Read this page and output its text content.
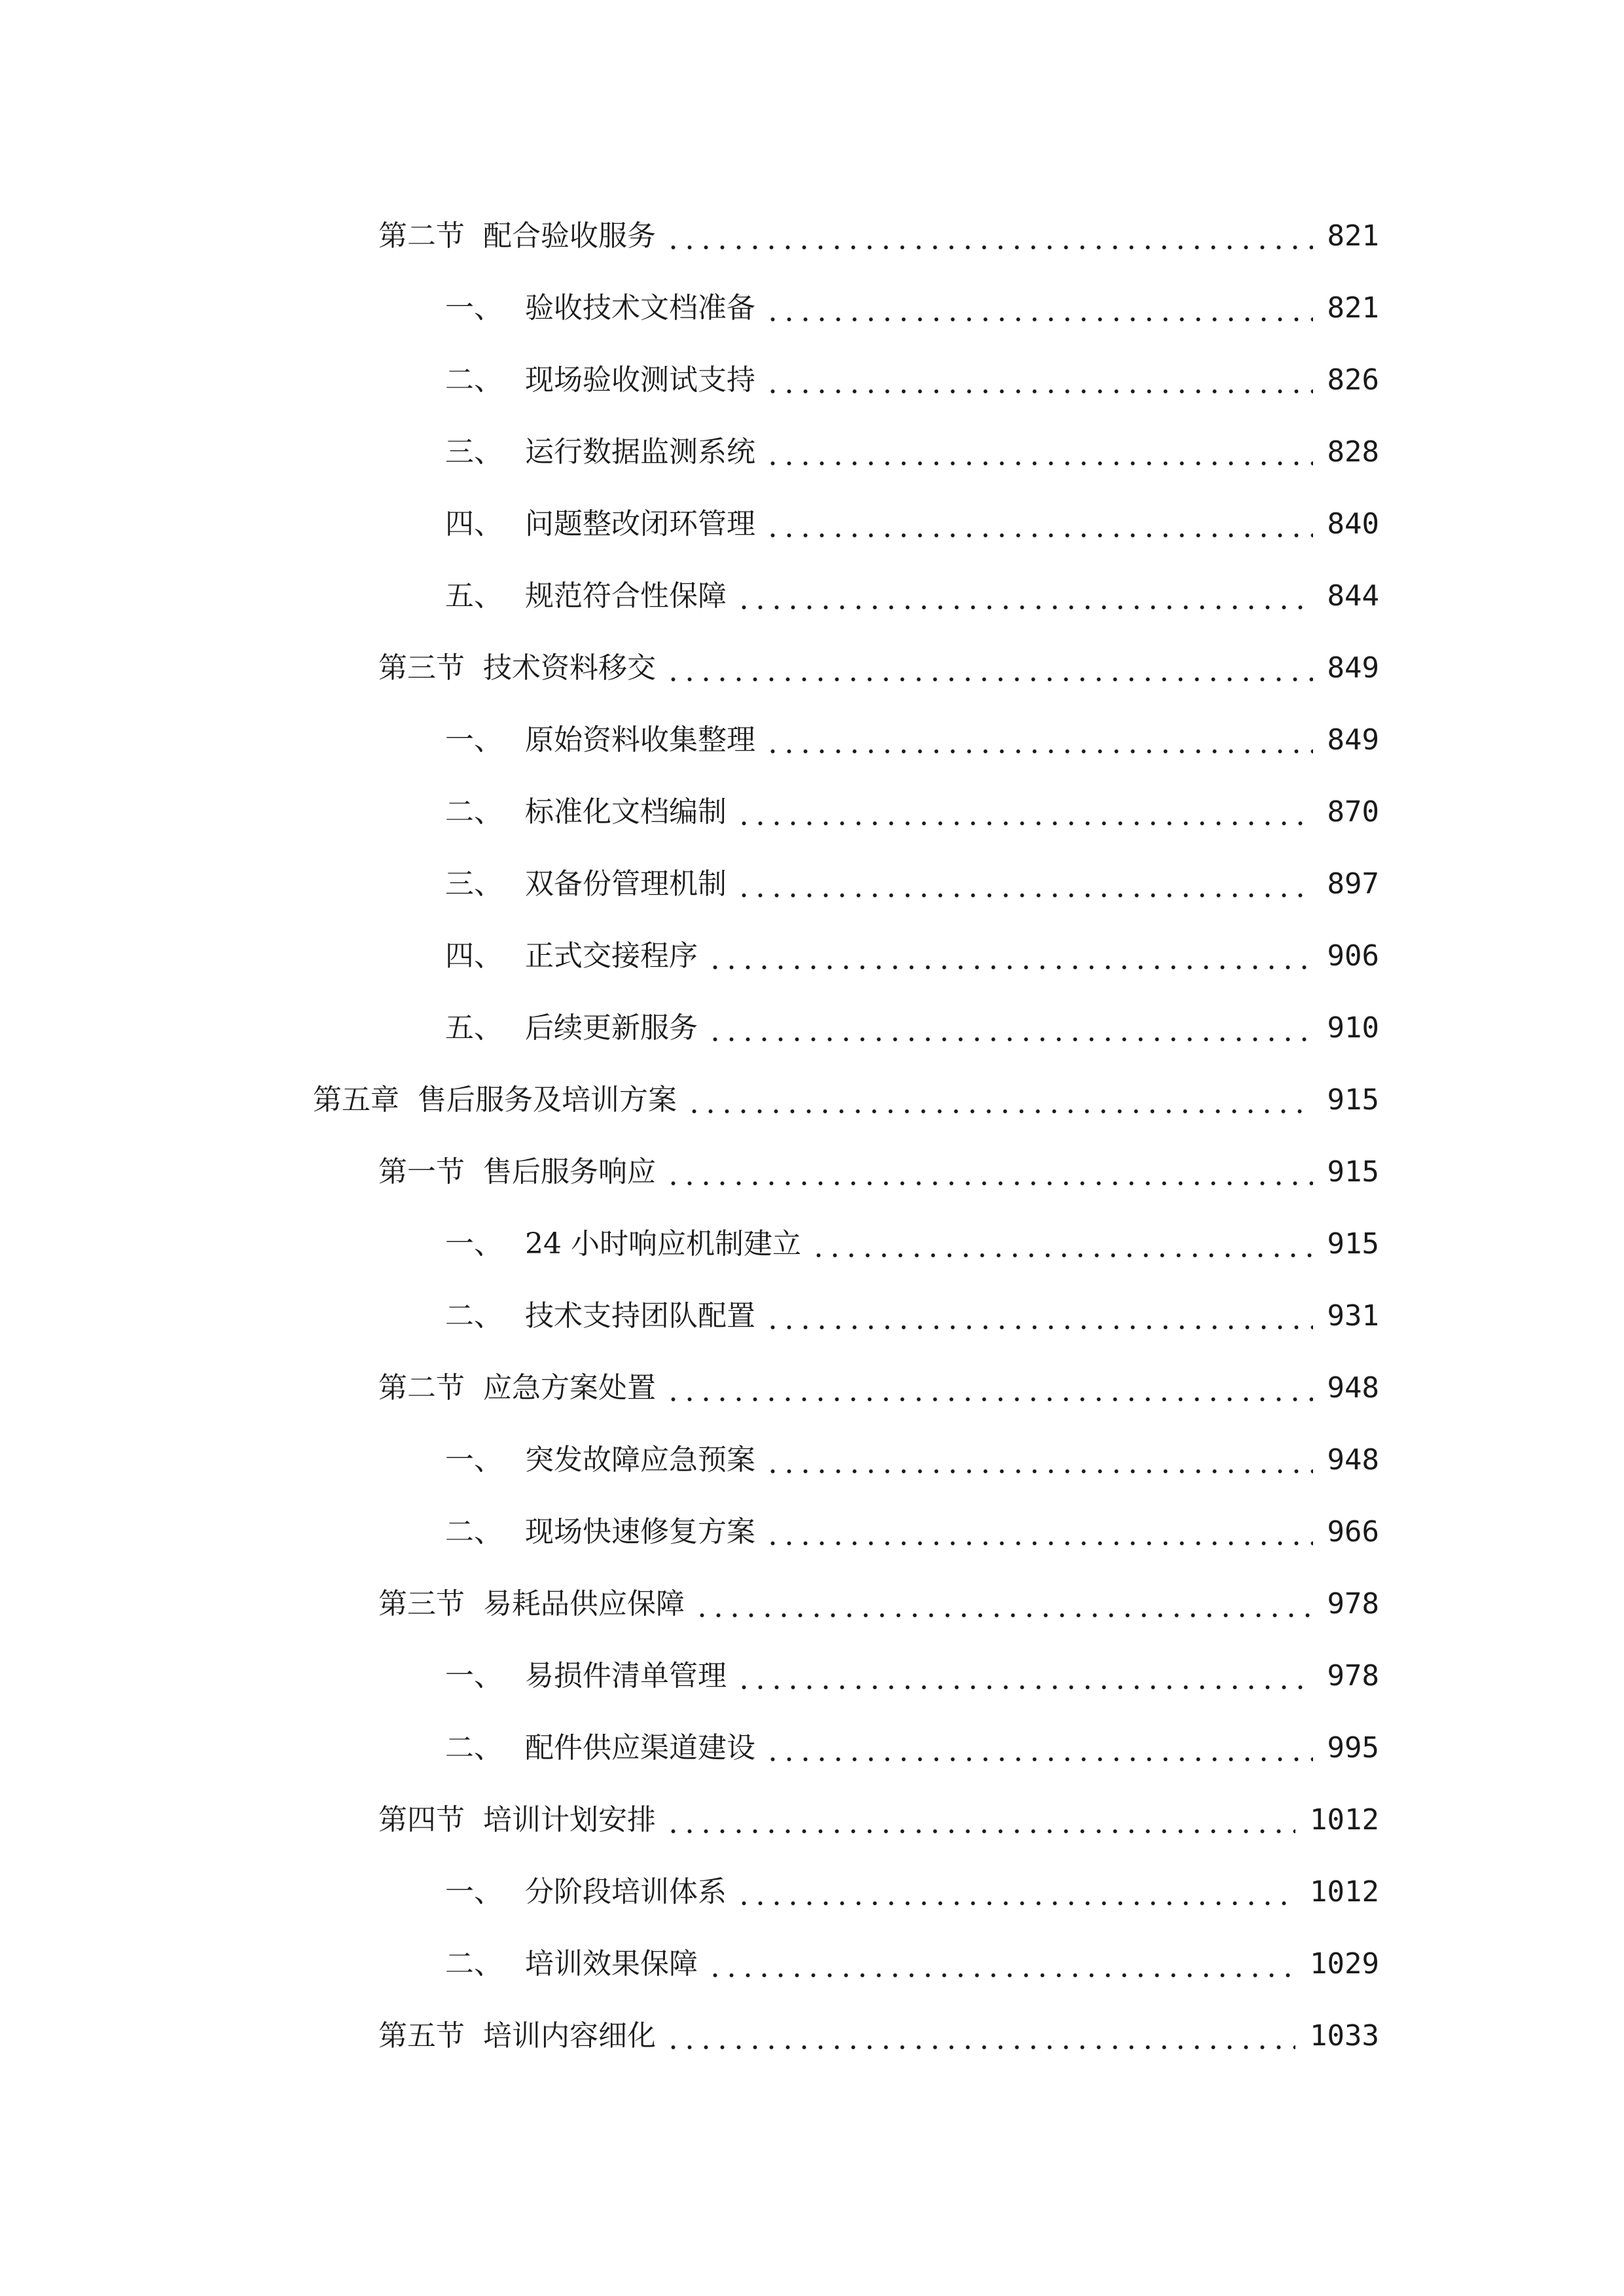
第二节 配合验收服务	821
一、 验收技术文档准备	821
二、 现场验收测试支持	826
三、 运行数据监测系统	828
四、 问题整改闭环管理	840
五、 规范符合性保障	844
第三节 技术资料移交	849
一、 原始资料收集整理	849
二、 标准化文档编制	870
三、 双备份管理机制	897
四、 正式交接程序	906
五、 后续更新服务	910
第五章 售后服务及培训方案	915
第一节 售后服务响应	915
一、 24 小时响应机制建立	915
二、 技术支持团队配置	931
第二节 应急方案处置	948
一、 突发故障应急预案	948
二、 现场快速修复方案	966
第三节 易耗品供应保障	978
一、 易损件清单管理	978
二、 配件供应渠道建设	995
第四节 培训计划安排	1012
一、 分阶段培训体系	1012
二、 培训效果保障	1029
第五节 培训内容细化	1033
